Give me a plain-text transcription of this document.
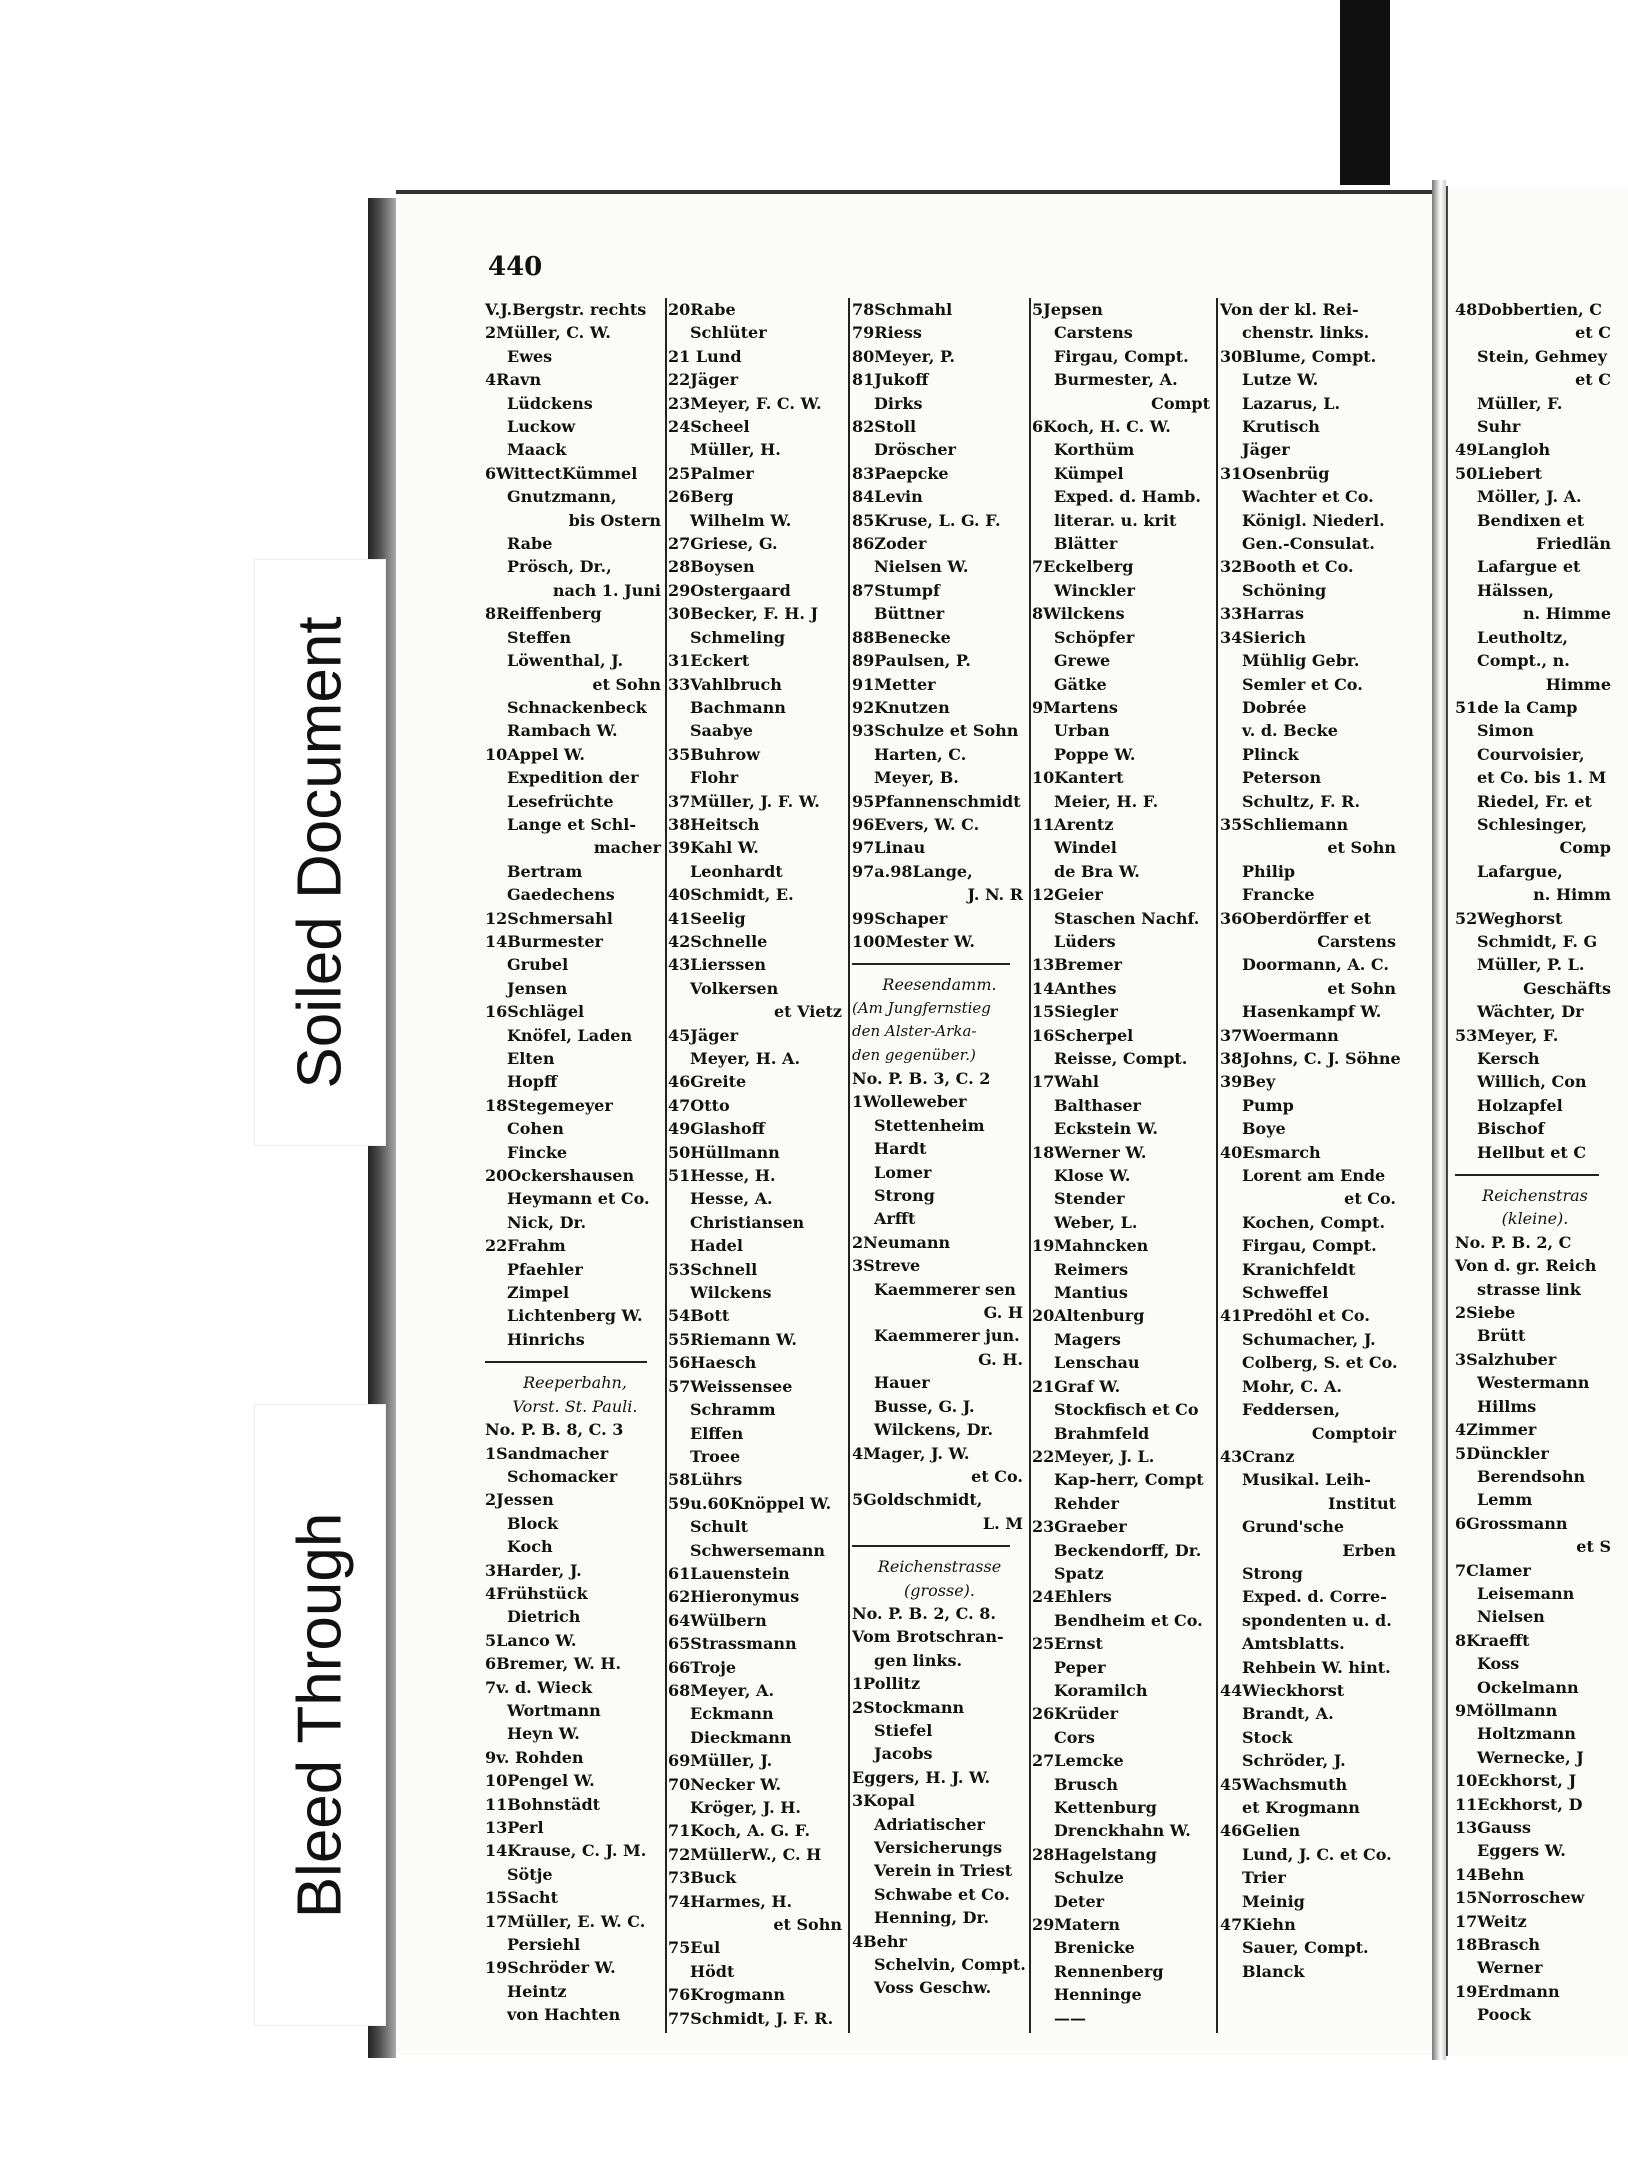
440
V.J.Bergstr. rechts
2Müller, C. W.
Ewes
4Ravn
Lüdckens
Luckow
Maack
6WittectKümmel
Gnutzmann,
bis Ostern
Rabe
Prösch, Dr.,
nach 1. Juni
8Reiffenberg
Steffen
Löwenthal, J.
et Sohn
Schnackenbeck
Rambach W.
10Appel W.
Expedition der
Lesefrüchte
Lange et Schl-
macher
Bertram
Gaedechens
12Schmersahl
14Burmester
Grubel
Jensen
16Schlägel
Knöfel, Laden
Elten
Hopff
18Stegemeyer
Cohen
Fincke
20Ockershausen
Heymann et Co.
Nick, Dr.
22Frahm
Pfaehler
Zimpel
Lichtenberg W.
Hinrichs
Reeperbahn,
Vorst. St. Pauli.
No. P. B. 8, C. 3
1Sandmacher
Schomacker
2Jessen
Block
Koch
3Harder, J.
4Frühstück
Dietrich
5Lanco W.
6Bremer, W. H.
7v. d. Wieck
Wortmann
Heyn W.
9v. Rohden
10Pengel W.
11Bohnstädt
13Perl
14Krause, C. J. M.
Sötje
15Sacht
17Müller, E. W. C.
Persiehl
19Schröder W.
Heintz
von Hachten
20Rabe
Schlüter
21 Lund
22Jäger
23Meyer, F. C. W.
24Scheel
Müller, H.
25Palmer
26Berg
Wilhelm W.
27Griese, G.
28Boysen
29Ostergaard
30Becker, F. H. J
Schmeling
31Eckert
33Vahlbruch
Bachmann
Saabye
35Buhrow
Flohr
37Müller, J. F. W.
38Heitsch
39Kahl W.
Leonhardt
40Schmidt, E.
41Seelig
42Schnelle
43Lierssen
Volkersen
et Vietz
45Jäger
Meyer, H. A.
46Greite
47Otto
49Glashoff
50Hüllmann
51Hesse, H.
Hesse, A.
Christiansen
Hadel
53Schnell
Wilckens
54Bott
55Riemann W.
56Haesch
57Weissensee
Schramm
Elffen
Troee
58Lührs
59u.60Knöppel W.
Schult
Schwersemann
61Lauenstein
62Hieronymus
64Wülbern
65Strassmann
66Troje
68Meyer, A.
Eckmann
Dieckmann
69Müller, J.
70Necker W.
Kröger, J. H.
71Koch, A. G. F.
72MüllerW., C. H
73Buck
74Harmes, H.
et Sohn
75Eul
Hödt
76Krogmann
77Schmidt, J. F. R.
78Schmahl
79Riess
80Meyer, P.
81Jukoff
Dirks
82Stoll
Dröscher
83Paepcke
84Levin
85Kruse, L. G. F.
86Zoder
Nielsen W.
87Stumpf
Büttner
88Benecke
89Paulsen, P.
91Metter
92Knutzen
93Schulze et Sohn
Harten, C.
Meyer, B.
95Pfannenschmidt
96Evers, W. C.
97Linau
97a.98Lange,
J. N. R
99Schaper
100Mester W.
Reesendamm.
(Am Jungfernstieg
den Alster-Arka-
den gegenüber.)
No. P. B. 3, C. 2
1Wolleweber
Stettenheim
Hardt
Lomer
Strong
Arfft
2Neumann
3Streve
Kaemmerer sen
G. H
Kaemmerer jun.
G. H.
Hauer
Busse, G. J.
Wilckens, Dr.
4Mager, J. W.
et Co.
5Goldschmidt,
L. M
Reichenstrasse
(grosse).
No. P. B. 2, C. 8.
Vom Brotschran-
gen links.
1Pollitz
2Stockmann
Stiefel
Jacobs
Eggers, H. J. W.
3Kopal
Adriatischer
Versicherungs
Verein in Triest
Schwabe et Co.
Henning, Dr.
4Behr
Schelvin, Compt.
Voss Geschw.
5Jepsen
Carstens
Firgau, Compt.
Burmester, A.
Compt
6Koch, H. C. W.
Korthüm
Kümpel
Exped. d. Hamb.
literar. u. krit
Blätter
7Eckelberg
Winckler
8Wilckens
Schöpfer
Grewe
Gätke
9Martens
Urban
Poppe W.
10Kantert
Meier, H. F.
11Arentz
Windel
de Bra W.
12Geier
Staschen Nachf.
Lüders
13Bremer
14Anthes
15Siegler
16Scherpel
Reisse, Compt.
17Wahl
Balthaser
Eckstein W.
18Werner W.
Klose W.
Stender
Weber, L.
19Mahncken
Reimers
Mantius
20Altenburg
Magers
Lenschau
21Graf W.
Stockfisch et Co
Brahmfeld
22Meyer, J. L.
Kap-herr, Compt
Rehder
23Graeber
Beckendorff, Dr.
Spatz
24Ehlers
Bendheim et Co.
25Ernst
Peper
Koramilch
26Krüder
Cors
27Lemcke
Brusch
Kettenburg
Drenckhahn W.
28Hagelstang
Schulze
Deter
29Matern
Brenicke
Rennenberg
Henninge
——
Von der kl. Rei-
chenstr. links.
30Blume, Compt.
Lutze W.
Lazarus, L.
Krutisch
Jäger
31Osenbrüg
Wachter et Co.
Königl. Niederl.
Gen.-Consulat.
32Booth et Co.
Schöning
33Harras
34Sierich
Mühlig Gebr.
Semler et Co.
Dobrée
v. d. Becke
Plinck
Peterson
Schultz, F. R.
35Schliemann
et Sohn
Philip
Francke
36Oberdörffer et
Carstens
Doormann, A. C.
et Sohn
Hasenkampf W.
37Woermann
38Johns, C. J. Söhne
39Bey
Pump
Boye
40Esmarch
Lorent am Ende
et Co.
Kochen, Compt.
Firgau, Compt.
Kranichfeldt
Schweffel
41Predöhl et Co.
Schumacher, J.
Colberg, S. et Co.
Mohr, C. A.
Feddersen,
Comptoir
43Cranz
Musikal. Leih-
Institut
Grund'sche
Erben
Strong
Exped. d. Corre-
spondenten u. d.
Amtsblatts.
Rehbein W. hint.
44Wieckhorst
Brandt, A.
Stock
Schröder, J.
45Wachsmuth
et Krogmann
46Gelien
Lund, J. C. et Co.
Trier
Meinig
47Kiehn
Sauer, Compt.
Blanck
48Dobbertien, C
et C
Stein, Gehmey
et C
Müller, F.
Suhr
49Langloh
50Liebert
Möller, J. A.
Bendixen et
Friedlän
Lafargue et
Hälssen,
n. Himme
Leutholtz,
Compt., n.
Himme
51de la Camp
Simon
Courvoisier,
et Co. bis 1. M
Riedel, Fr. et
Schlesinger,
Comp
Lafargue,
n. Himm
52Weghorst
Schmidt, F. G
Müller, P. L.
Geschäfts
Wächter, Dr
53Meyer, F.
Kersch
Willich, Con
Holzapfel
Bischof
Hellbut et C
Reichenstras
(kleine).
No. P. B. 2, C
Von d. gr. Reich
strasse link
2Siebe
Brütt
3Salzhuber
Westermann
Hillms
4Zimmer
5Dünckler
Berendsohn
Lemm
6Grossmann
et S
7Clamer
Leisemann
Nielsen
8Kraefft
Koss
Ockelmann
9Möllmann
Holtzmann
Wernecke, J
10Eckhorst, J
11Eckhorst, D
13Gauss
Eggers W.
14Behn
15Norroschew
17Weitz
18Brasch
Werner
19Erdmann
Poock
Soiled Document
Bleed Through
